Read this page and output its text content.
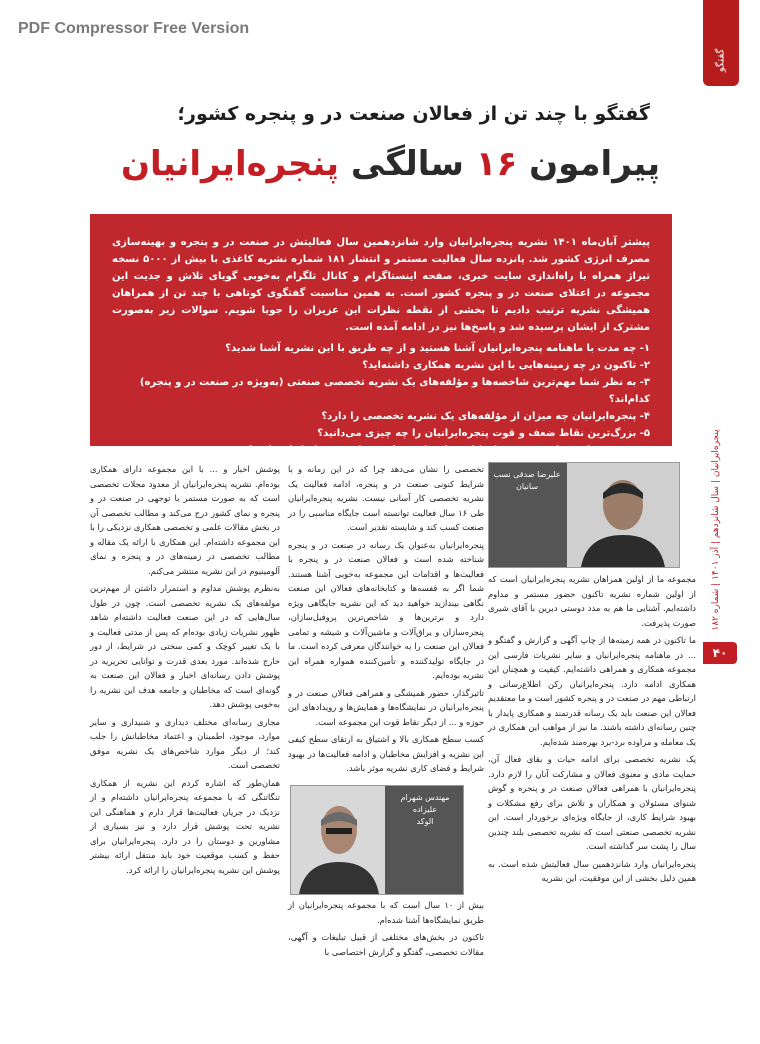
PDF Compressor Free Version
گفتگو
گفتگو با چند تن از فعالان صنعت در و پنجره کشور؛
پیرامون ۱۶ سالگی پنجره‌ایرانیان

پیشتر آبان‌ماه ۱۴۰۱ نشریه پنجره‌ایرانیان وارد شانزدهمین سال فعالیتش در صنعت در و پنجره و بهینه‌سازی مصرف انرژی کشور شد. پانزده سال فعالیت مستمر و انتشار ۱۸۱ شماره نشریه کاغذی با بیش از ۵۰۰۰ نسخه تیراژ همراه با راه‌اندازی سایت خبری، صفحه اینستاگرام و کانال تلگرام به‌خوبی گویای تلاش و جدیت این مجموعه در اعتلای صنعت در و پنجره کشور است. به همین مناسبت گفتگوی کوتاهی با چند تن از همراهان همیشگی نشریه ترتیب دادیم تا بخشی از نقطه نظرات این عزیزان را جویا شویم. سوالات زیر به‌صورت مشترک از ایشان پرسیده شد و پاسخ‌ها نیز در ادامه آمده است.

۱- چه مدت با ماهنامه پنجره‌ایرانیان آشنا هستید و از چه طریق با این نشریه آشنا شدید؟
۲- تاکنون در چه زمینه‌هایی با این نشریه همکاری داشته‌اید؟
۳- به نظر شما مهم‌ترین شاخصه‌ها و مؤلفه‌های یک نشریه تخصصی صنعتی (به‌ویژه در صنعت در و پنجره) کدام‌اند؟
۴- پنجره‌ایرانیان چه میزان از مؤلفه‌های یک نشریه تخصصی را دارد؟
۵- بزرگ‌ترین نقاط ضعف و قوت پنجره‌ایرانیان را چه چیزی می‌دانید؟
۶- چه پیشنهادی برای بهبود فضای کلی و ارتقای سطح خدمات پنجره‌ایرانیان دارید؟
علیرضا صدقی نسب
سانیان

مجموعه ما از اولین همراهان نشریه پنجره‌ایرانیان است که از اولین شماره نشریه تاکنون حضور مستمر و مداوم داشته‌ایم. آشنایی ما هم به مدد دوستی دیرین با آقای شیری صورت پذیرفت.

ما تاکنون در همه زمینه‌ها از چاپ آگهی و گزارش و گفتگو و ... در ماهنامه پنجره‌ایرانیان و سایر نشریات فارسی این مجموعه همکاری و همراهی داشته‌ایم. کیفیت و همچنان این همکاری ادامه دارد. پنجره‌ایرانیان رکن اطلاع‌رسانی و ارتباطی مهم در صنعت در و پنجره کشور است و ما معتقدیم فعالان این صنعت باید یک رسانه قدرتمند و همکاری پایدار با چنین رسانه‌ای داشته باشند. ما نیز از مواهب این همکاری در یک معامله و مراوده برد-برد بهره‌مند شده‌ایم.

یک نشریه تخصصی برای ادامه حیات و بقای فعال آن، حمایت مادی و معنوی فعالان و مشارکت آنان را لازم دارد. پنجره‌ایرانیان با همراهی فعالان صنعت در و پنجره و گوش شنوای مسئولان و همکاران و تلاش برای رفع مشکلات و بهبود شرایط کاری، از جایگاه ویژه‌ای برخوردار است. این نشریه تخصصی صنعتی است که نشریه تخصصی بلند چندین سال را پشت سر گذاشته است.

پنجره‌ایرانیان وارد شانزدهمین سال فعالیتش شده است. به همین دلیل بخشی از این موفقیت، این نشریه

تخصصی را نشان می‌دهد چرا که در این زمانه و با شرایط کنونی صنعت در و پنجره، ادامه فعالیت یک نشریه تخصصی کار آسانی نیست. نشریه پنجره‌ایرانیان طی ۱۶ سال فعالیت توانسته است جایگاه مناسبی را در صنعت کسب کند و شایسته تقدیر است.

پنجره‌ایرانیان به‌عنوان یک رسانه در صنعت در و پنجره شناخته شده است و فعالان صنعت در و پنجره با فعالیت‌ها و اقدامات این مجموعه به‌خوبی آشنا هستند. شما اگر به قفسه‌ها و کتابخانه‌های فعالان این صنعت نگاهی بیندازید خواهید دید که این نشریه جایگاهی ویژه دارد و برترین‌ها و شاخص‌ترین پروفیل‌سازان، پنجره‌سازان و یراق‌آلات و ماشین‌آلات و شیشه و تمامی فعالان این صنعت را به خوانندگان معرفی کرده است. ما در جایگاه تولیدکننده و تأمین‌کننده همواره همراه این نشریه بوده‌ایم.

تاثیرگذار، حضور همیشگی و همراهی فعالان صنعت در و پنجره‌ایرانیان در نمایشگاه‌ها و همایش‌ها و رویدادهای این حوزه و ... از دیگر نقاط قوت این مجموعه است.

کسب سطح همکاری بالا و اشتیاق به ارتقای سطح کیفی این نشریه و افزایش مخاطبان و ادامه فعالیت‌ها در بهبود شرایط و فضای کاری نشریه موثر باشد.

مهندس شهرام علیزاده
الوکد

بیش از ۱۰ سال است که با مجموعه پنجره‌ایرانیان از طریق نمایشگاه‌ها آشنا شده‌ام.

تاکنون در بخش‌های مختلفی از قبیل تبلیغات و آگهی، مقالات تخصصی، گفتگو و گزارش اختصاصی با

پوشش اخبار و ... با این مجموعه دارای همکاری بوده‌ام. نشریه پنجره‌ایرانیان از معدود مجلات تخصصی است که به صورت مستمر با توجهی در صنعت در و پنجره و نمای کشور درج می‌کند و مطالب تخصصی آن در بخش مقالات علمی و تخصصی همکاری نزدیکی را با این مجموعه داشته‌ام. این همکاری با ارائه یک مقاله و مطالب تخصصی در زمینه‌های در و پنجره و نمای آلومینیوم در این نشریه منتشر می‌کنم.

به‌نظرم پوشش مداوم و استمرار داشتن از مهم‌ترین مولفه‌های یک نشریه تخصصی است. چون در طول سال‌هایی که در این صنعت فعالیت داشته‌ام شاهد ظهور نشریات زیادی بوده‌ام که پس از مدتی فعالیت و با یک تغییر کوچک و کمی سختی در شرایط، از دور خارج شده‌اند. مورد بعدی قدرت و توانایی تحریریه در پوشش دادن رسانه‌ای اخبار و فعالان این صنعت به گونه‌ای است که مخاطبان و جامعه هدف این نشریه را به‌خوبی پوشش دهد.

مجاری رسانه‌ای مختلف دیداری و شنیداری و سایر موارد، موجود، اطمینان و اعتماد مخاطبانش را جلب کند؛ از دیگر موارد شاخص‌های یک نشریه موفق تخصصی است.

همان‌طور که اشاره کردم این نشریه از همکاری تنگاتنگی که با مجموعه پنجره‌ایرانیان داشته‌ام و از نزدیک در جریان فعالیت‌ها قرار دارم و هماهنگی این نشریه تحت پوشش قرار دارد و نیز بسیاری از مشاورین و دوستان را در دارد. پنجره‌ایرانیان برای حفظ و کسب موقعیت خود باید منتقل ارائه بیشتر پوشش این نشریه پنجره‌ایرانیان را ارائه کرد.

پنجره‌ایرانیان | سال شانزدهم | آذر ۱۴۰۱ | شماره ۱۸۲
۴۰
